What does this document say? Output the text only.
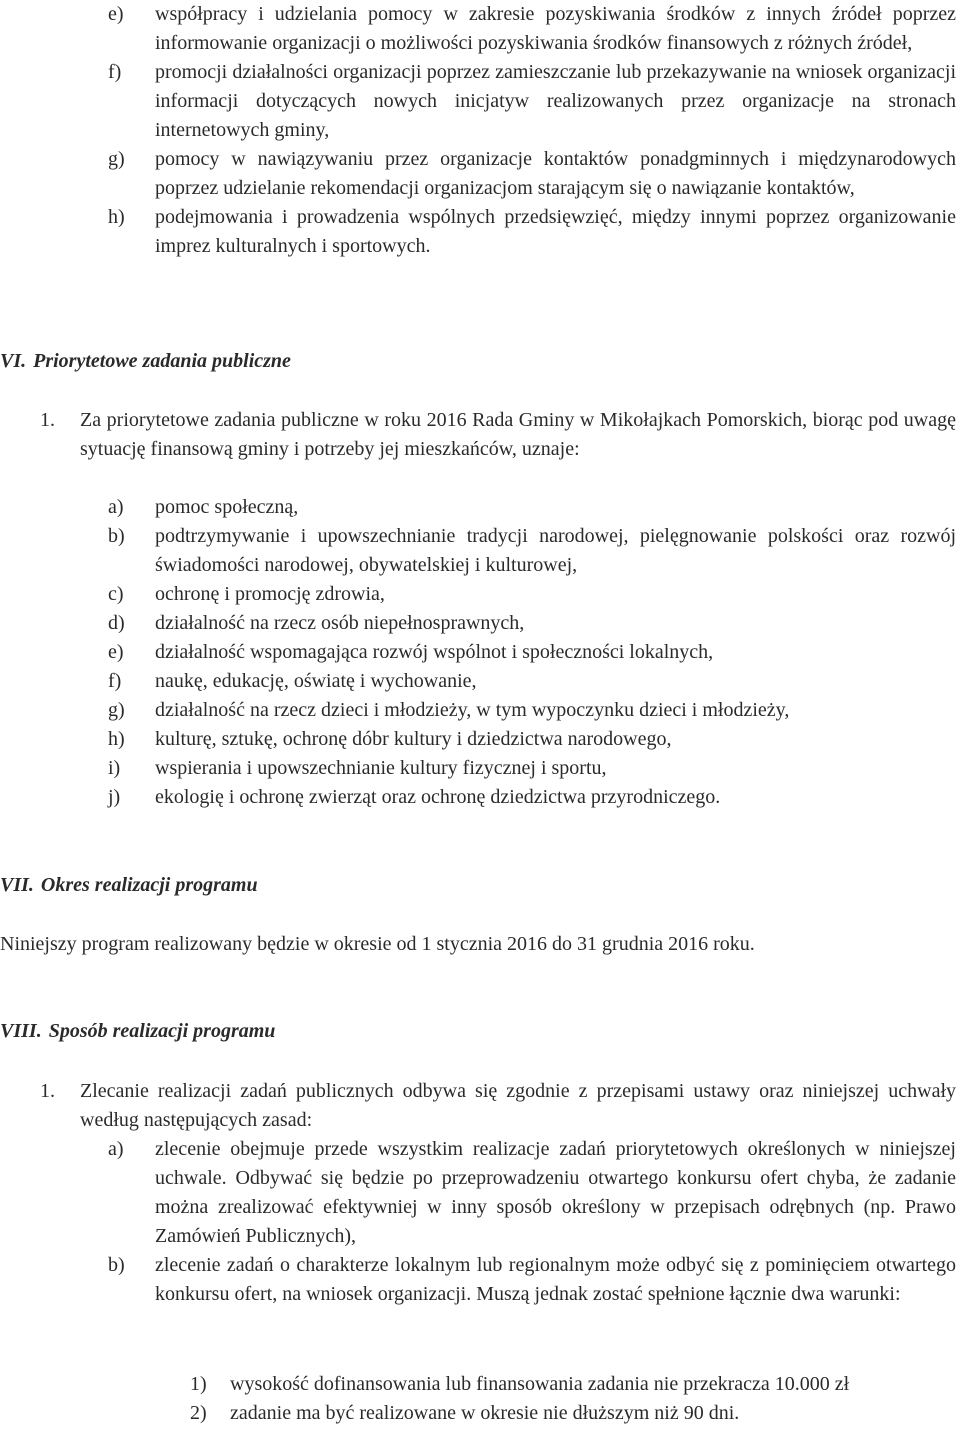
e)	współpracy i udzielania pomocy w zakresie pozyskiwania środków z innych źródeł poprzez informowanie organizacji o możliwości pozyskiwania środków finansowych z różnych źródeł,
f)	promocji działalności organizacji poprzez zamieszczanie lub przekazywanie na wniosek organizacji informacji dotyczących nowych inicjatyw realizowanych przez organizacje na stronach internetowych gminy,
g)	pomocy w nawiązywaniu przez organizacje kontaktów ponadgminnych i międzynarodowych poprzez udzielanie rekomendacji organizacjom starającym się o nawiązanie kontaktów,
h)	podejmowania i prowadzenia wspólnych przedsięwzięć, między innymi poprzez organizowanie imprez kulturalnych i sportowych.
VI. Priorytetowe zadania publiczne
1.	Za priorytetowe zadania publiczne w roku 2016 Rada Gminy w Mikołajkach Pomorskich, biorąc pod uwagę sytuację finansową gminy i potrzeby jej mieszkańców, uznaje:
a)	pomoc społeczną,
b)	podtrzymywanie i upowszechnianie tradycji narodowej, pielęgnowanie polskości oraz rozwój świadomości narodowej, obywatelskiej i kulturowej,
c)	ochronę i promocję zdrowia,
d)	działalność na rzecz osób niepełnosprawnych,
e)	działalność wspomagająca rozwój wspólnot i społeczności lokalnych,
f)	naukę, edukację, oświatę i wychowanie,
g)	działalność na rzecz dzieci i młodzieży, w tym wypoczynku dzieci i młodzieży,
h)	kulturę, sztukę, ochronę dóbr kultury i dziedzictwa narodowego,
i)	wspierania i upowszechnianie kultury fizycznej i sportu,
j)	ekologię i ochronę zwierząt oraz ochronę dziedzictwa przyrodniczego.
VII. Okres realizacji programu
Niniejszy program realizowany będzie w okresie od 1 stycznia 2016 do 31 grudnia 2016 roku.
VIII. Sposób realizacji programu
1.	Zlecanie realizacji zadań publicznych odbywa się zgodnie z przepisami ustawy oraz niniejszej uchwały według następujących zasad:
a)	zlecenie obejmuje przede wszystkim realizacje zadań priorytetowych określonych w niniejszej uchwale. Odbywać się będzie po przeprowadzeniu otwartego konkursu ofert chyba, że zadanie można zrealizować efektywniej w inny sposób określony w przepisach odrębnych (np. Prawo Zamówień Publicznych),
b)	zlecenie zadań o charakterze lokalnym lub regionalnym może odbyć się z pominięciem otwartego konkursu ofert, na wniosek organizacji. Muszą jednak zostać spełnione łącznie dwa warunki:
1)	wysokość dofinansowania lub finansowania zadania nie przekracza 10.000 zł
2)	zadanie ma być realizowane w okresie nie dłuższym niż 90 dni.
